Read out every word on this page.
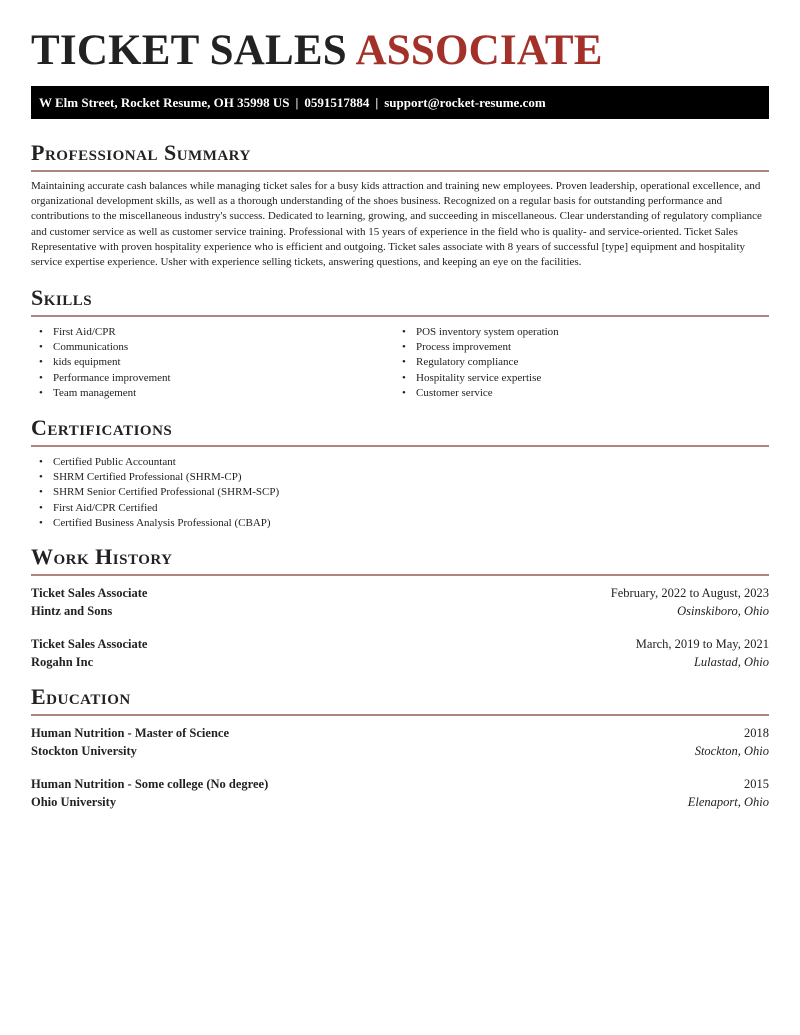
TICKET SALES ASSOCIATE
W Elm Street, Rocket Resume, OH 35998 US | 0591517884 | support@rocket-resume.com
Professional Summary

Maintaining accurate cash balances while managing ticket sales for a busy kids attraction and training new employees. Proven leadership, operational excellence, and organizational development skills, as well as a thorough understanding of the shoes business. Recognized on a regular basis for outstanding performance and contributions to the miscellaneous industry's success. Dedicated to learning, growing, and succeeding in miscellaneous. Clear understanding of regulatory compliance and customer service as well as customer service training. Professional with 15 years of experience in the field who is quality- and service-oriented. Ticket Sales Representative with proven hospitality experience who is efficient and outgoing. Ticket sales associate with 8 years of successful [type] equipment and hospitality service expertise experience. Usher with experience selling tickets, answering questions, and keeping an eye on the facilities.

Skills
• First Aid/CPR
• Communications
• kids equipment
• Performance improvement
• Team management
• POS inventory system operation
• Process improvement
• Regulatory compliance
• Hospitality service expertise
• Customer service
Certifications
• Certified Public Accountant
• SHRM Certified Professional (SHRM-CP)
• SHRM Senior Certified Professional (SHRM-SCP)
• First Aid/CPR Certified
• Certified Business Analysis Professional (CBAP)
Work History
Ticket Sales Associate	February, 2022 to August, 2023
Hintz and Sons	Osinskiboro, Ohio
Ticket Sales Associate	March, 2019 to May, 2021
Rogahn Inc	Lulastad, Ohio
Education
Human Nutrition - Master of Science	2018
Stockton University	Stockton, Ohio
Human Nutrition - Some college (No degree)	2015
Ohio University	Elenaport, Ohio
